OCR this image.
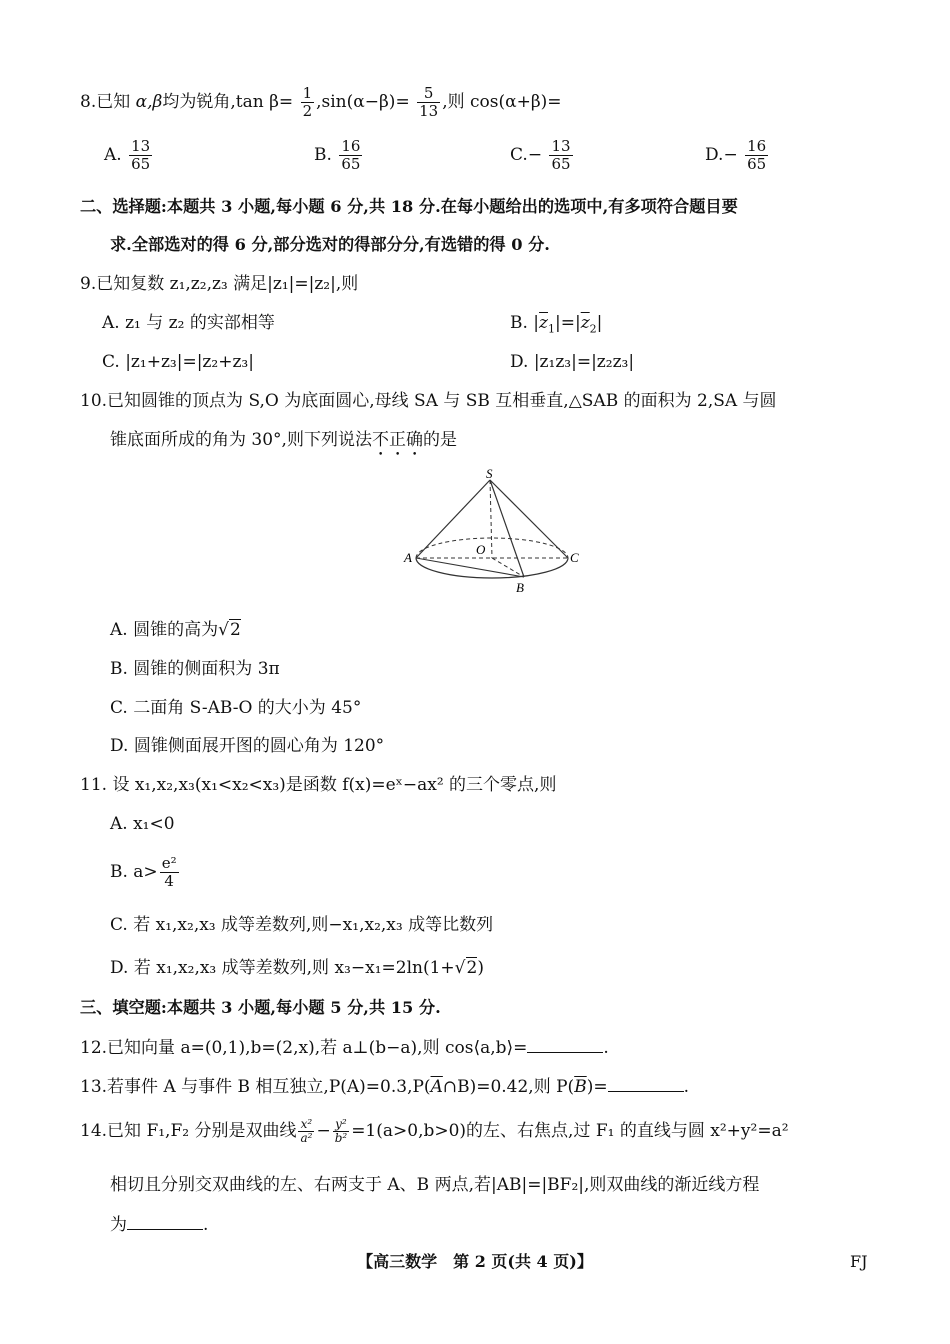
8.已知 α,β均为锐角,tan $\beta= \frac{1}{2} ,\sin(\alpha-\beta)= \frac{5}{13}$ ,则 cos(α+β)=
A. $\frac{13}{65}$	B. $\frac{16}{65}$	$C.- \frac{13}{65}$	$D.- \frac{16}{65}$
二、选择题:本题共 3 小题,每小题 6 分,共 18 分.在每小题给出的选项中,有多项符合题目要
求.全部选对的得 6 分,部分选对的得部分分,有选错的得 0 分.
9.已知复数 z₁,z₂,z₃ 满足|z₁|=|z₂|,则
A. z₁ 与 z₂ 的实部相等	B. $|\overline{z}_1|=|\overline{z}_2|$
C. |z₁+z₃|=|z₂+z₃|	D. |z₁z₃|=|z₂z₃|
10.已知圆锥的顶点为 S,O 为底面圆心,母线 SA 与 SB 互相垂直,△SAB 的面积为 2,SA 与圆
锥底面所成的角为 30°,则下列说法不正确的是
S
O
A	C
B
A. 圆锥的高为√2
B. 圆锥的侧面积为 3π
C. 二面角 S-AB-O 的大小为 45°
D. 圆锥侧面展开图的圆心角为 120°
11. 设 x₁,x₂,x₃(x₁<x₂<x₃)是函数 f(x)=eˣ−ax² 的三个零点,则
A. x₁<0
B. $a> \frac{\text{e²}}{4}$
C. 若 x₁,x₂,x₃ 成等差数列,则−x₁,x₂,x₃ 成等比数列
D. 若 x₁,x₂,x₃ 成等差数列,则 x₃−x₁=2ln(1+√2)
三、填空题:本题共 3 小题,每小题 5 分,共 15 分.
12.已知向量 a=(0,1),b=(2,x),若 a⊥(b−a),则 cos⟨a,b⟩=	.
13.若事件 A 与事件 B 相互独立$,P(A)=0.3,P(\overline{A}\cap B)=0.42$,则 $P(\overline{B})=$	.
14.已知 F₁,F₂ 分别是双曲线 $\frac{\text{x²}}{\text{a²}} - \frac{\text{y²}}{\text{b²}} =1(a>0,b>0)$的左、右焦点,过 F₁ 的直线与圆 x²+y²=a²
相切且分别交双曲线的左、右两支于 A、B 两点,若|AB|=|BF₂|,则双曲线的渐近线方程
为	.
【高三数学　第 2 页(共 4 页)】	FJ
